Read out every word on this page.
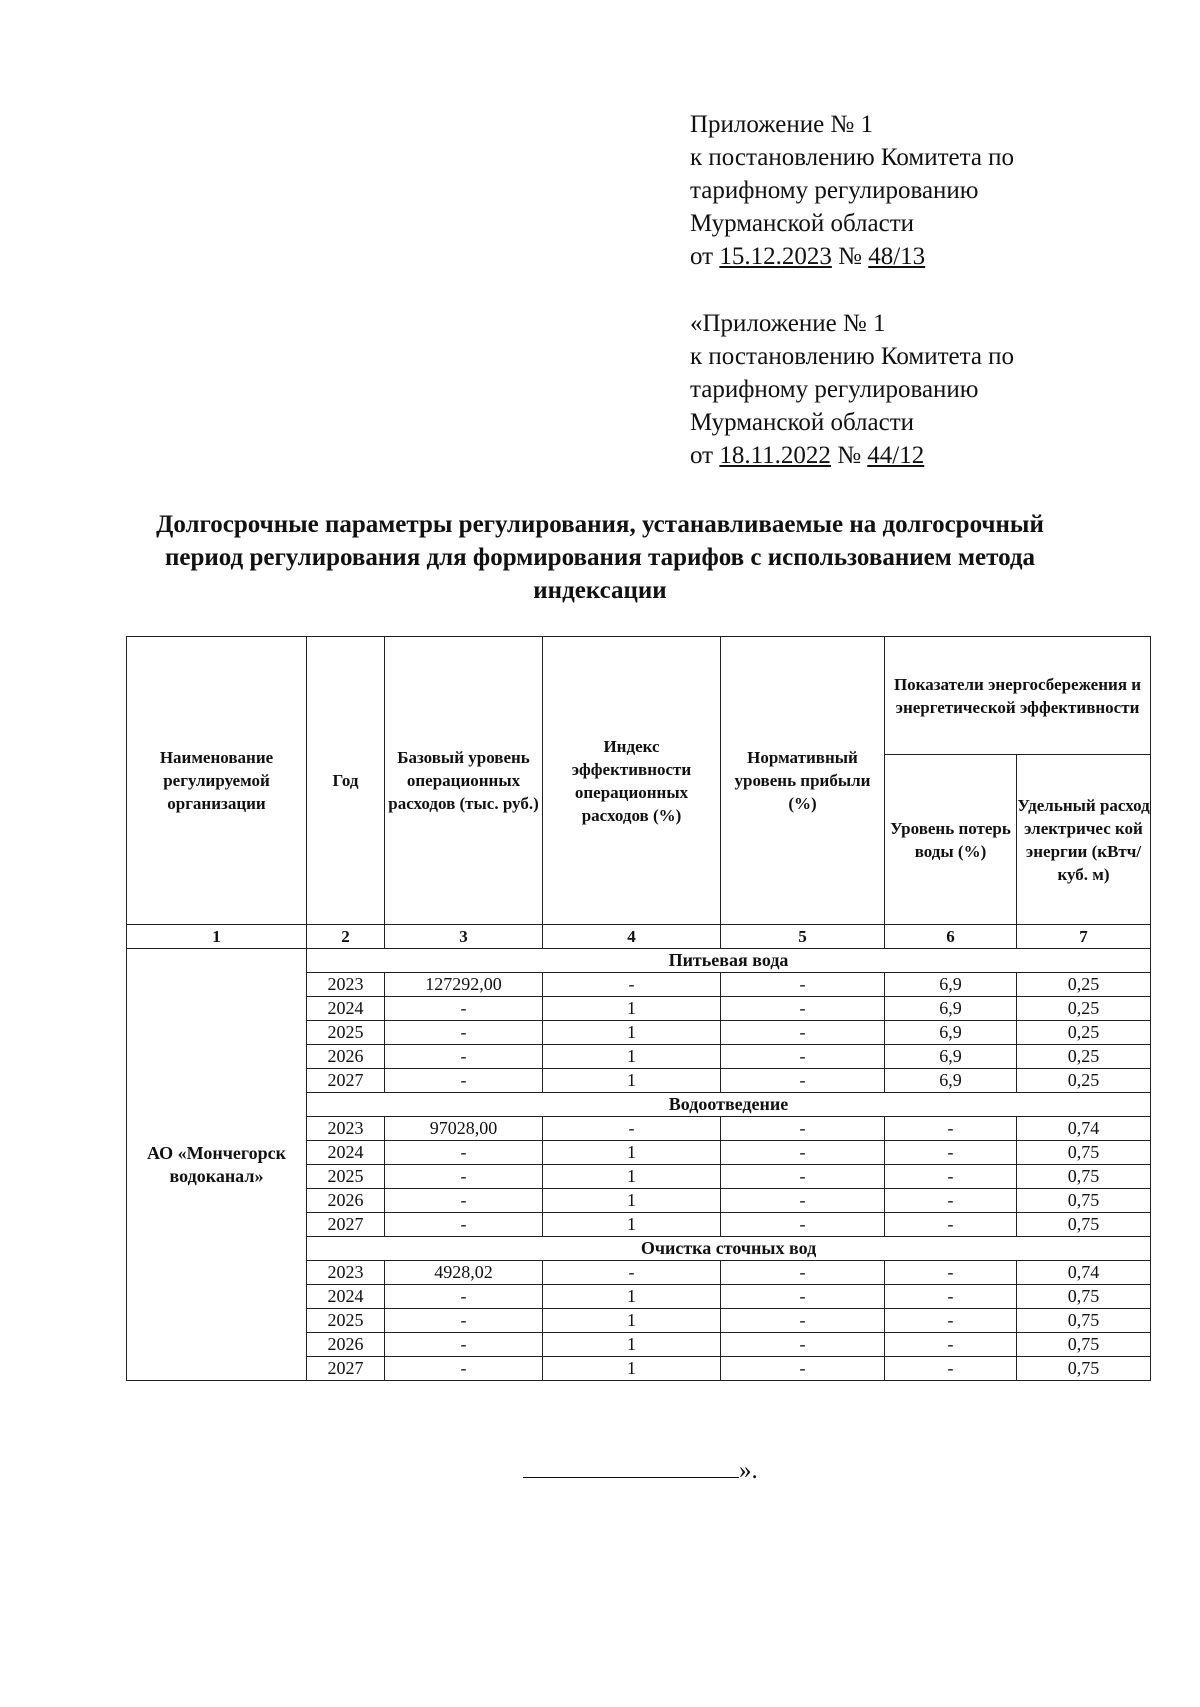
Приложение № 1
к постановлению Комитета по
тарифному регулированию
Мурманской области
от 15.12.2023 № 48/13
«Приложение № 1
к постановлению Комитета по
тарифному регулированию
Мурманской области
от 18.11.2022 № 44/12
Долгосрочные параметры регулирования, устанавливаемые на долгосрочный период регулирования для формирования тарифов с использованием метода индексации
Наименование регулируемой организации	Год	Базовый уровень операционных расходов (тыс. руб.)	Индекс эффективности операционных расходов (%)	Нормативный уровень прибыли (%)	Показатели энергосбережения и энергетической эффективности	
					Уровень потерь воды (%)	Удельный расход электричес кой энергии (кВтч/куб. м)
1	2	3	4	5	6	7
АО «Мончегорск водоканал»	Питьевая вода					
	2023	127292,00	-	-	6,9	0,25
	2024	-	1	-	6,9	0,25
	2025	-	1	-	6,9	0,25
	2026	-	1	-	6,9	0,25
	2027	-	1	-	6,9	0,25
	Водоотведение					
	2023	97028,00	-	-	-	0,74
	2024	-	1	-	-	0,75
	2025	-	1	-	-	0,75
	2026	-	1	-	-	0,75
	2027	-	1	-	-	0,75
	Очистка сточных вод					
	2023	4928,02	-	-	-	0,74
	2024	-	1	-	-	0,75
	2025	-	1	-	-	0,75
	2026	-	1	-	-	0,75
	2027	-	1	-	-	0,75
».
